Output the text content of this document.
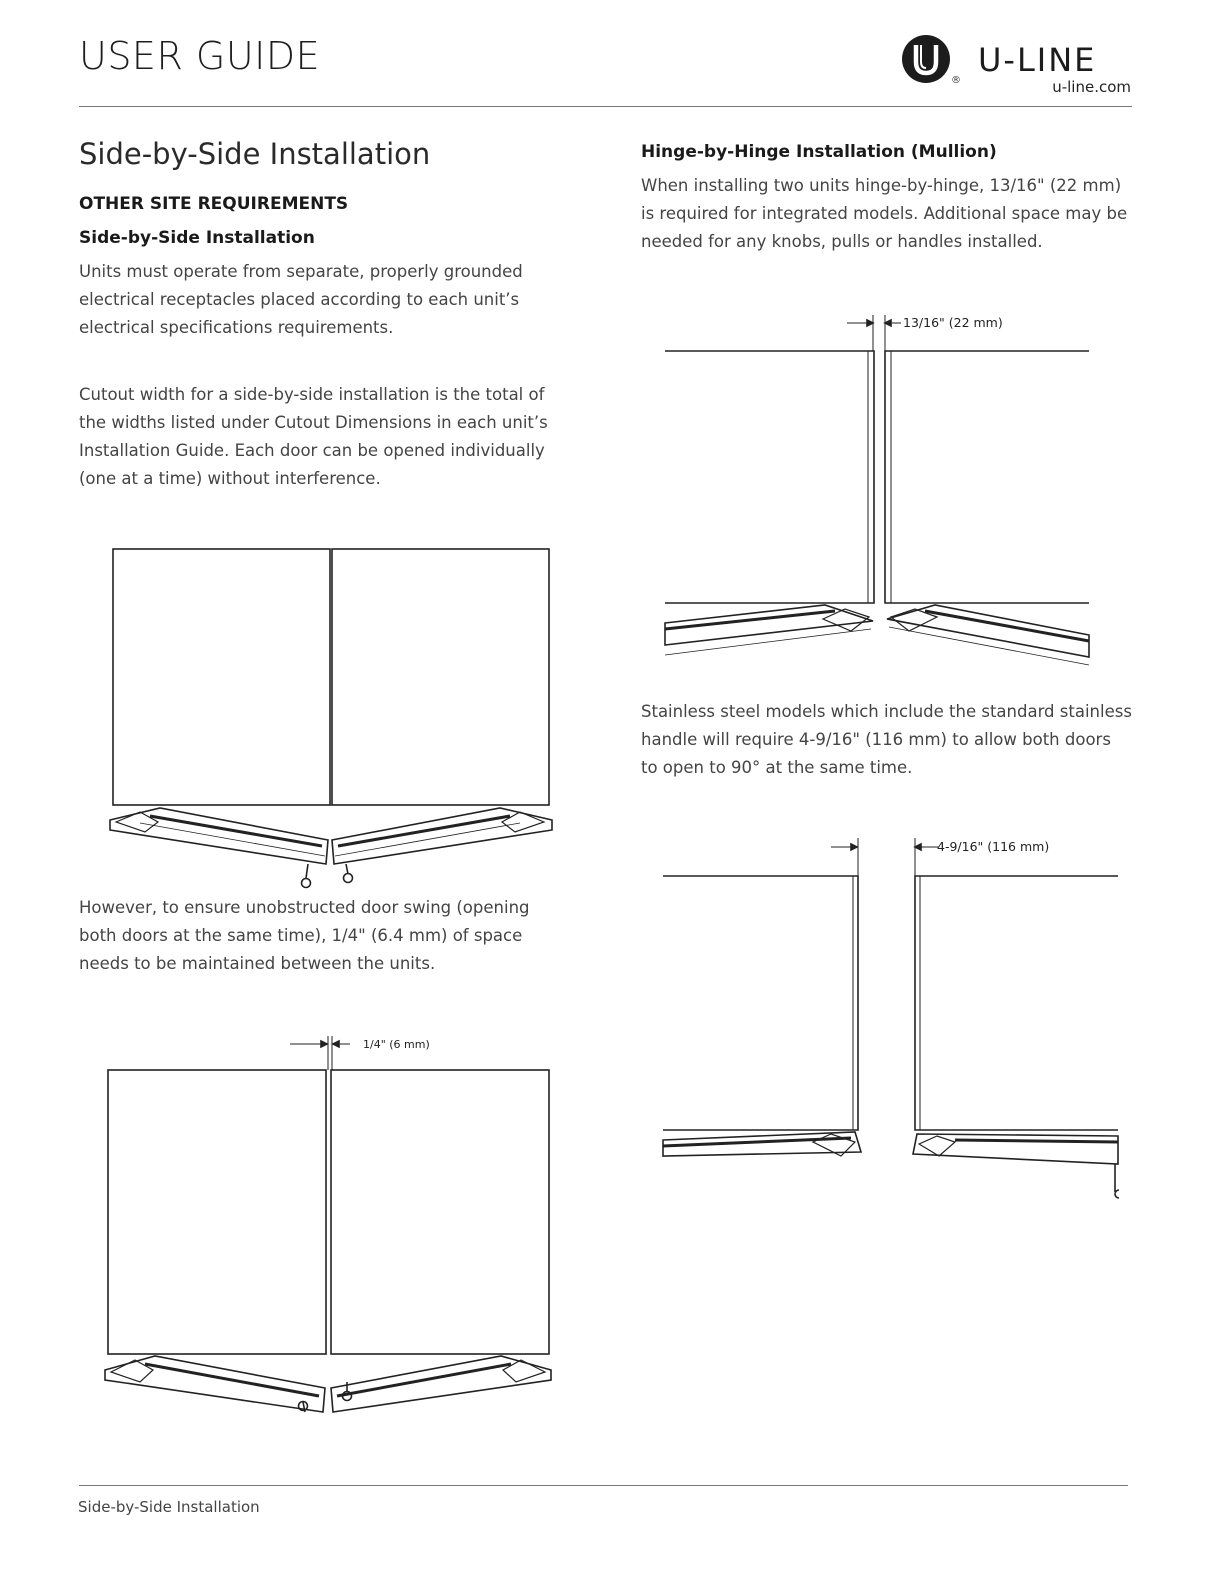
USER GUIDE
®
U-LINE
u-line.com
Side-by-Side Installation
OTHER SITE REQUIREMENTS
Side-by-Side Installation
Units must operate from separate, properly grounded
electrical receptacles placed according to each unit’s
electrical specifications requirements.
Cutout width for a side-by-side installation is the total of
the widths listed under Cutout Dimensions in each unit’s
Installation Guide. Each door can be opened individually
(one at a time) without interference.
However, to ensure unobstructed door swing (opening
both doors at the same time), 1/4" (6.4 mm) of space
needs to be maintained between the units.
1/4" (6 mm)
Hinge-by-Hinge Installation (Mullion)
When installing two units hinge-by-hinge, 13/16" (22 mm)
is required for integrated models. Additional space may be
needed for any knobs, pulls or handles installed.
13/16" (22 mm)
Stainless steel models which include the standard stainless
handle will require 4-9/16" (116 mm) to allow both doors
to open to 90° at the same time.
4-9/16" (116 mm)
Side-by-Side Installation
